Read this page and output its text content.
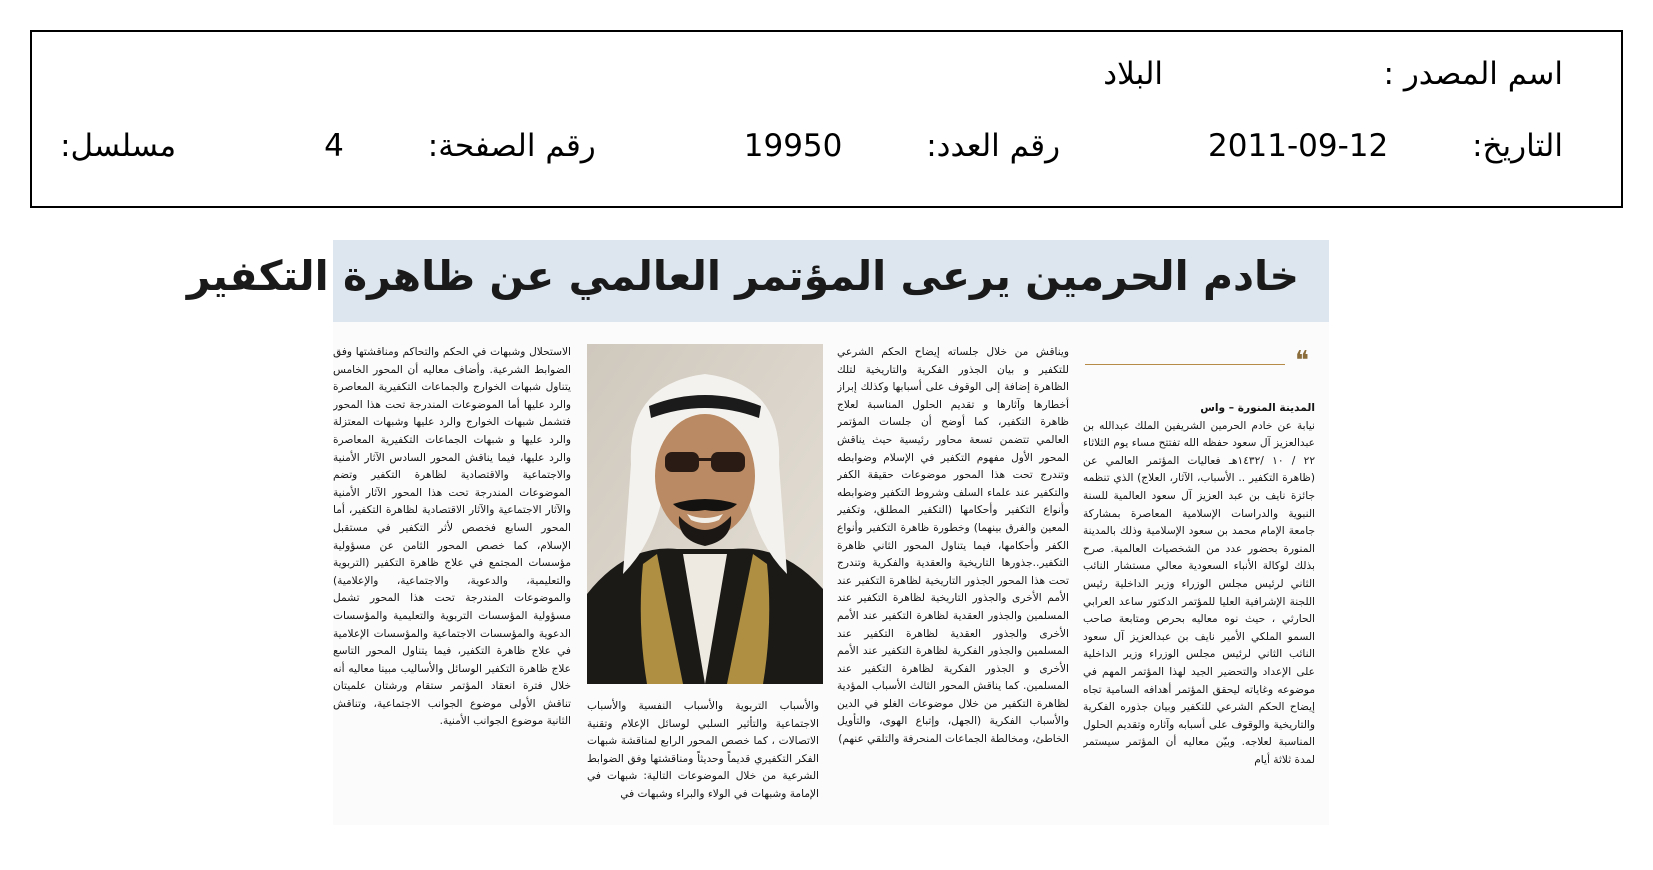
اسم المصدر :
البلاد
التاريخ: 2011-09-12رقم العدد: 19950رقم الصفحة: 4مسلسل:
خادم الحرمين يرعى المؤتمر العالمي عن ظاهرة التكفير
❝

المدينة المنورة – واس

نيابة عن خادم الحرمين الشريفين الملك عبدالله بن عبدالعزيز آل سعود حفظه الله تفتتح مساء يوم الثلاثاء ٢٢ / ١٠ /١٤٣٢هـ فعاليات المؤتمر العالمي عن (ظاهرة التكفير .. الأسباب، الآثار، العلاج) الذي تنظمه جائزة نايف بن عبد العزيز آل سعود العالمية للسنة النبوية والدراسات الإسلامية المعاصرة بمشاركة جامعة الإمام محمد بن سعود الإسلامية وذلك بالمدينة المنورة بحضور عدد من الشخصيات العالمية. صرح بذلك لوكالة الأنباء السعودية معالي مستشار النائب الثاني لرئيس مجلس الوزراء وزير الداخلية رئيس اللجنة الإشرافية العليا للمؤتمر الدكتور ساعد العرابي الحارثي ، حيث نوه معاليه بحرص ومتابعة صاحب السمو الملكي الأمير نايف بن عبدالعزيز آل سعود النائب الثاني لرئيس مجلس الوزراء وزير الداخلية على الإعداد والتحضير الجيد لهذا المؤتمر المهم في موضوعه وغاياته ليحقق المؤتمر أهدافه السامية تجاه إيضاح الحكم الشرعي للتكفير وبيان جذوره الفكرية والتاريخية والوقوف على أسبابه وآثاره وتقديم الحلول المناسبة لعلاجه. وبيّن معاليه أن المؤتمر سيستمر لمدة ثلاثة أيام

ويناقش من خلال جلساته إيضاح الحكم الشرعي للتكفير و بيان الجذور الفكرية والتاريخية لتلك الظاهرة إضافة إلى الوقوف على أسبابها وكذلك إبراز أخطارها وآثارها و تقديم الحلول المناسبة لعلاج ظاهرة التكفير، كما أوضح أن جلسات المؤتمر العالمي تتضمن تسعة محاور رئيسية حيث يناقش المحور الأول مفهوم التكفير في الإسلام وضوابطه وتندرج تحت هذا المحور موضوعات حقيقة الكفر والتكفير عند علماء السلف وشروط التكفير وضوابطه وأنواع التكفير وأحكامها (التكفير المطلق، وتكفير المعين والفرق بينهما) وخطورة ظاهرة التكفير وأنواع الكفر وأحكامها، فيما يتناول المحور الثاني ظاهرة التكفير..جذورها التاريخية والعقدية والفكرية وتندرج تحت هذا المحور الجذور التاريخية لظاهرة التكفير عند الأمم الأخرى والجذور التاريخية لظاهرة التكفير عند المسلمين والجذور العقدية لظاهرة التكفير عند الأمم الأخرى والجذور العقدية لظاهرة التكفير عند المسلمين والجذور الفكرية لظاهرة التكفير عند الأمم الأخرى و الجذور الفكرية لظاهرة التكفير عند المسلمين. كما يناقش المحور الثالث الأسباب المؤدية لظاهرة التكفير من خلال موضوعات الغلو في الدين والأسباب الفكرية (الجهل، وإتباع الهوى، والتأويل الخاطئ، ومخالطة الجماعات المنحرفة والتلقي عنهم)

والأسباب التربوية والأسباب النفسية والأسباب الاجتماعية والتأثير السلبي لوسائل الإعلام وتقنية الاتصالات ، كما خصص المحور الرابع لمناقشة شبهات الفكر التكفيري قديماً وحديثاً ومناقشتها وفق الضوابط الشرعية من خلال الموضوعات التالية: شبهات في الإمامة وشبهات في الولاء والبراء وشبهات في

الاستحلال وشبهات في الحكم والتحاكم ومناقشتها وفق الضوابط الشرعية. وأضاف معاليه أن المحور الخامس يتناول شبهات الخوارج والجماعات التكفيرية المعاصرة والرد عليها أما الموضوعات المندرجة تحت هذا المحور فتشمل شبهات الخوارج والرد عليها وشبهات المعتزلة والرد عليها و شبهات الجماعات التكفيرية المعاصرة والرد عليها، فيما يناقش المحور السادس الآثار الأمنية والاجتماعية والاقتصادية لظاهرة التكفير وتضم الموضوعات المندرجة تحت هذا المحور الآثار الأمنية والآثار الاجتماعية والآثار الاقتصادية لظاهرة التكفير، أما المحور السابع فخصص لأثر التكفير في مستقبل الإسلام، كما خصص المحور الثامن عن مسؤولية مؤسسات المجتمع في علاج ظاهرة التكفير (التربوية والتعليمية، والدعوية، والاجتماعية، والإعلامية) والموضوعات المندرجة تحت هذا المحور تشمل مسؤولية المؤسسات التربوية والتعليمية والمؤسسات الدعوية والمؤسسات الاجتماعية والمؤسسات الإعلامية في علاج ظاهرة التكفير، فيما يتناول المحور التاسع علاج ظاهرة التكفير الوسائل والأساليب مبينا معاليه أنه خلال فترة انعقاد المؤتمر ستقام ورشتان علميتان تناقش الأولى موضوع الجوانب الاجتماعية، وتناقش الثانية موضوع الجوانب الأمنية.
